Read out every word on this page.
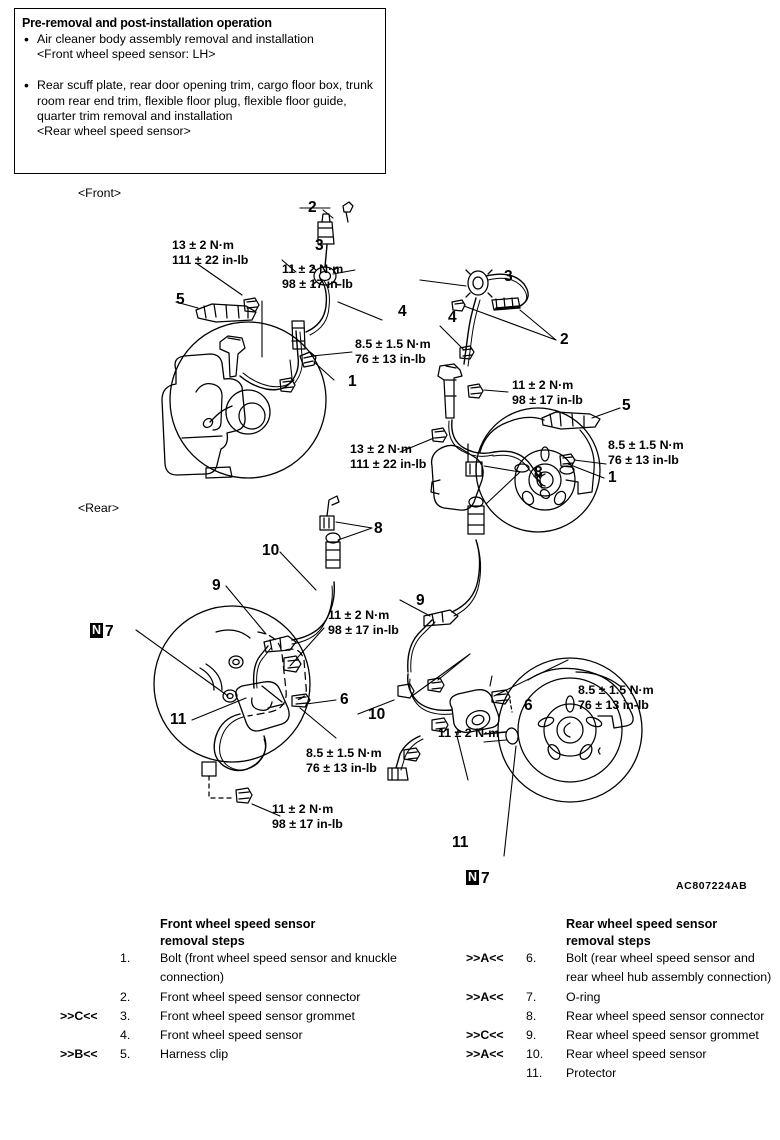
Pre-removal and post-installation operation
• Air cleaner body assembly removal and installation
<Front wheel speed sensor: LH>
• Rear scuff plate, rear door opening trim, cargo floor box, trunk room rear end trim, flexible floor plug, flexible floor guide, quarter trim removal and installation
<Rear wheel speed sensor>
<Front>
<Rear>
AC807224AB
13 ± 2 N·m
111 ± 22 in-lb
11 ± 2 N·m
98 ± 17 in-lb
8.5 ± 1.5 N·m
76 ± 13 in-lb
2
3
4
5
1
13 ± 2 N·m
111 ± 22 in-lb
11 ± 2 N·m
98 ± 17 in-lb
8.5 ± 1.5 N·m
76 ± 13 in-lb
3
4
2
5
1
8
10
9
N 7
11
6
11 ± 2 N·m
98 ± 17 in-lb
8.5 ± 1.5 N·m
76 ± 13 in-lb
11 ± 2 N·m
98 ± 17 in-lb
8
9
10
6
11
N 7
11 ± 2 N·m
8.5 ± 1.5 N·m
76 ± 13 in-lb
Front wheel speed sensor
removal steps
1.	Bolt (front wheel speed sensor and knuckle connection)
2.	Front wheel speed sensor connector
>>C<<	3.	Front wheel speed sensor grommet
4.	Front wheel speed sensor
>>B<<	5.	Harness clip
Rear wheel speed sensor
removal steps
>>A<<	6.	Bolt (rear wheel speed sensor and rear wheel hub assembly connection)
>>A<<	7.	O-ring
8.	Rear wheel speed sensor connector
>>C<<	9.	Rear wheel speed sensor grommet
>>A<<	10.	Rear wheel speed sensor
11.	Protector
